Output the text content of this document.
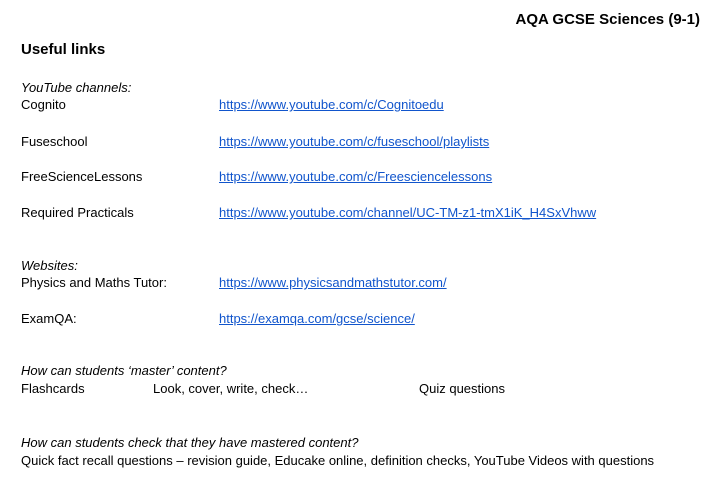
AQA GCSE Sciences (9-1)
Useful links
YouTube channels:
Cognito	https://www.youtube.com/c/Cognitoedu
Fuseschool	https://www.youtube.com/c/fuseschool/playlists
FreeScienceLessons	https://www.youtube.com/c/Freesciencelessons
Required Practicals	https://www.youtube.com/channel/UC-TM-z1-tmX1iK_H4SxVhww
Websites:
Physics and Maths Tutor:	https://www.physicsandmathstutor.com/
ExamQA:	https://examqa.com/gcse/science/
How can students ‘master’ content?
Flashcards	Look, cover, write, check…	Quiz questions
How can students check that they have mastered content?
Quick fact recall questions – revision guide, Educake online, definition checks, YouTube Videos with questions
